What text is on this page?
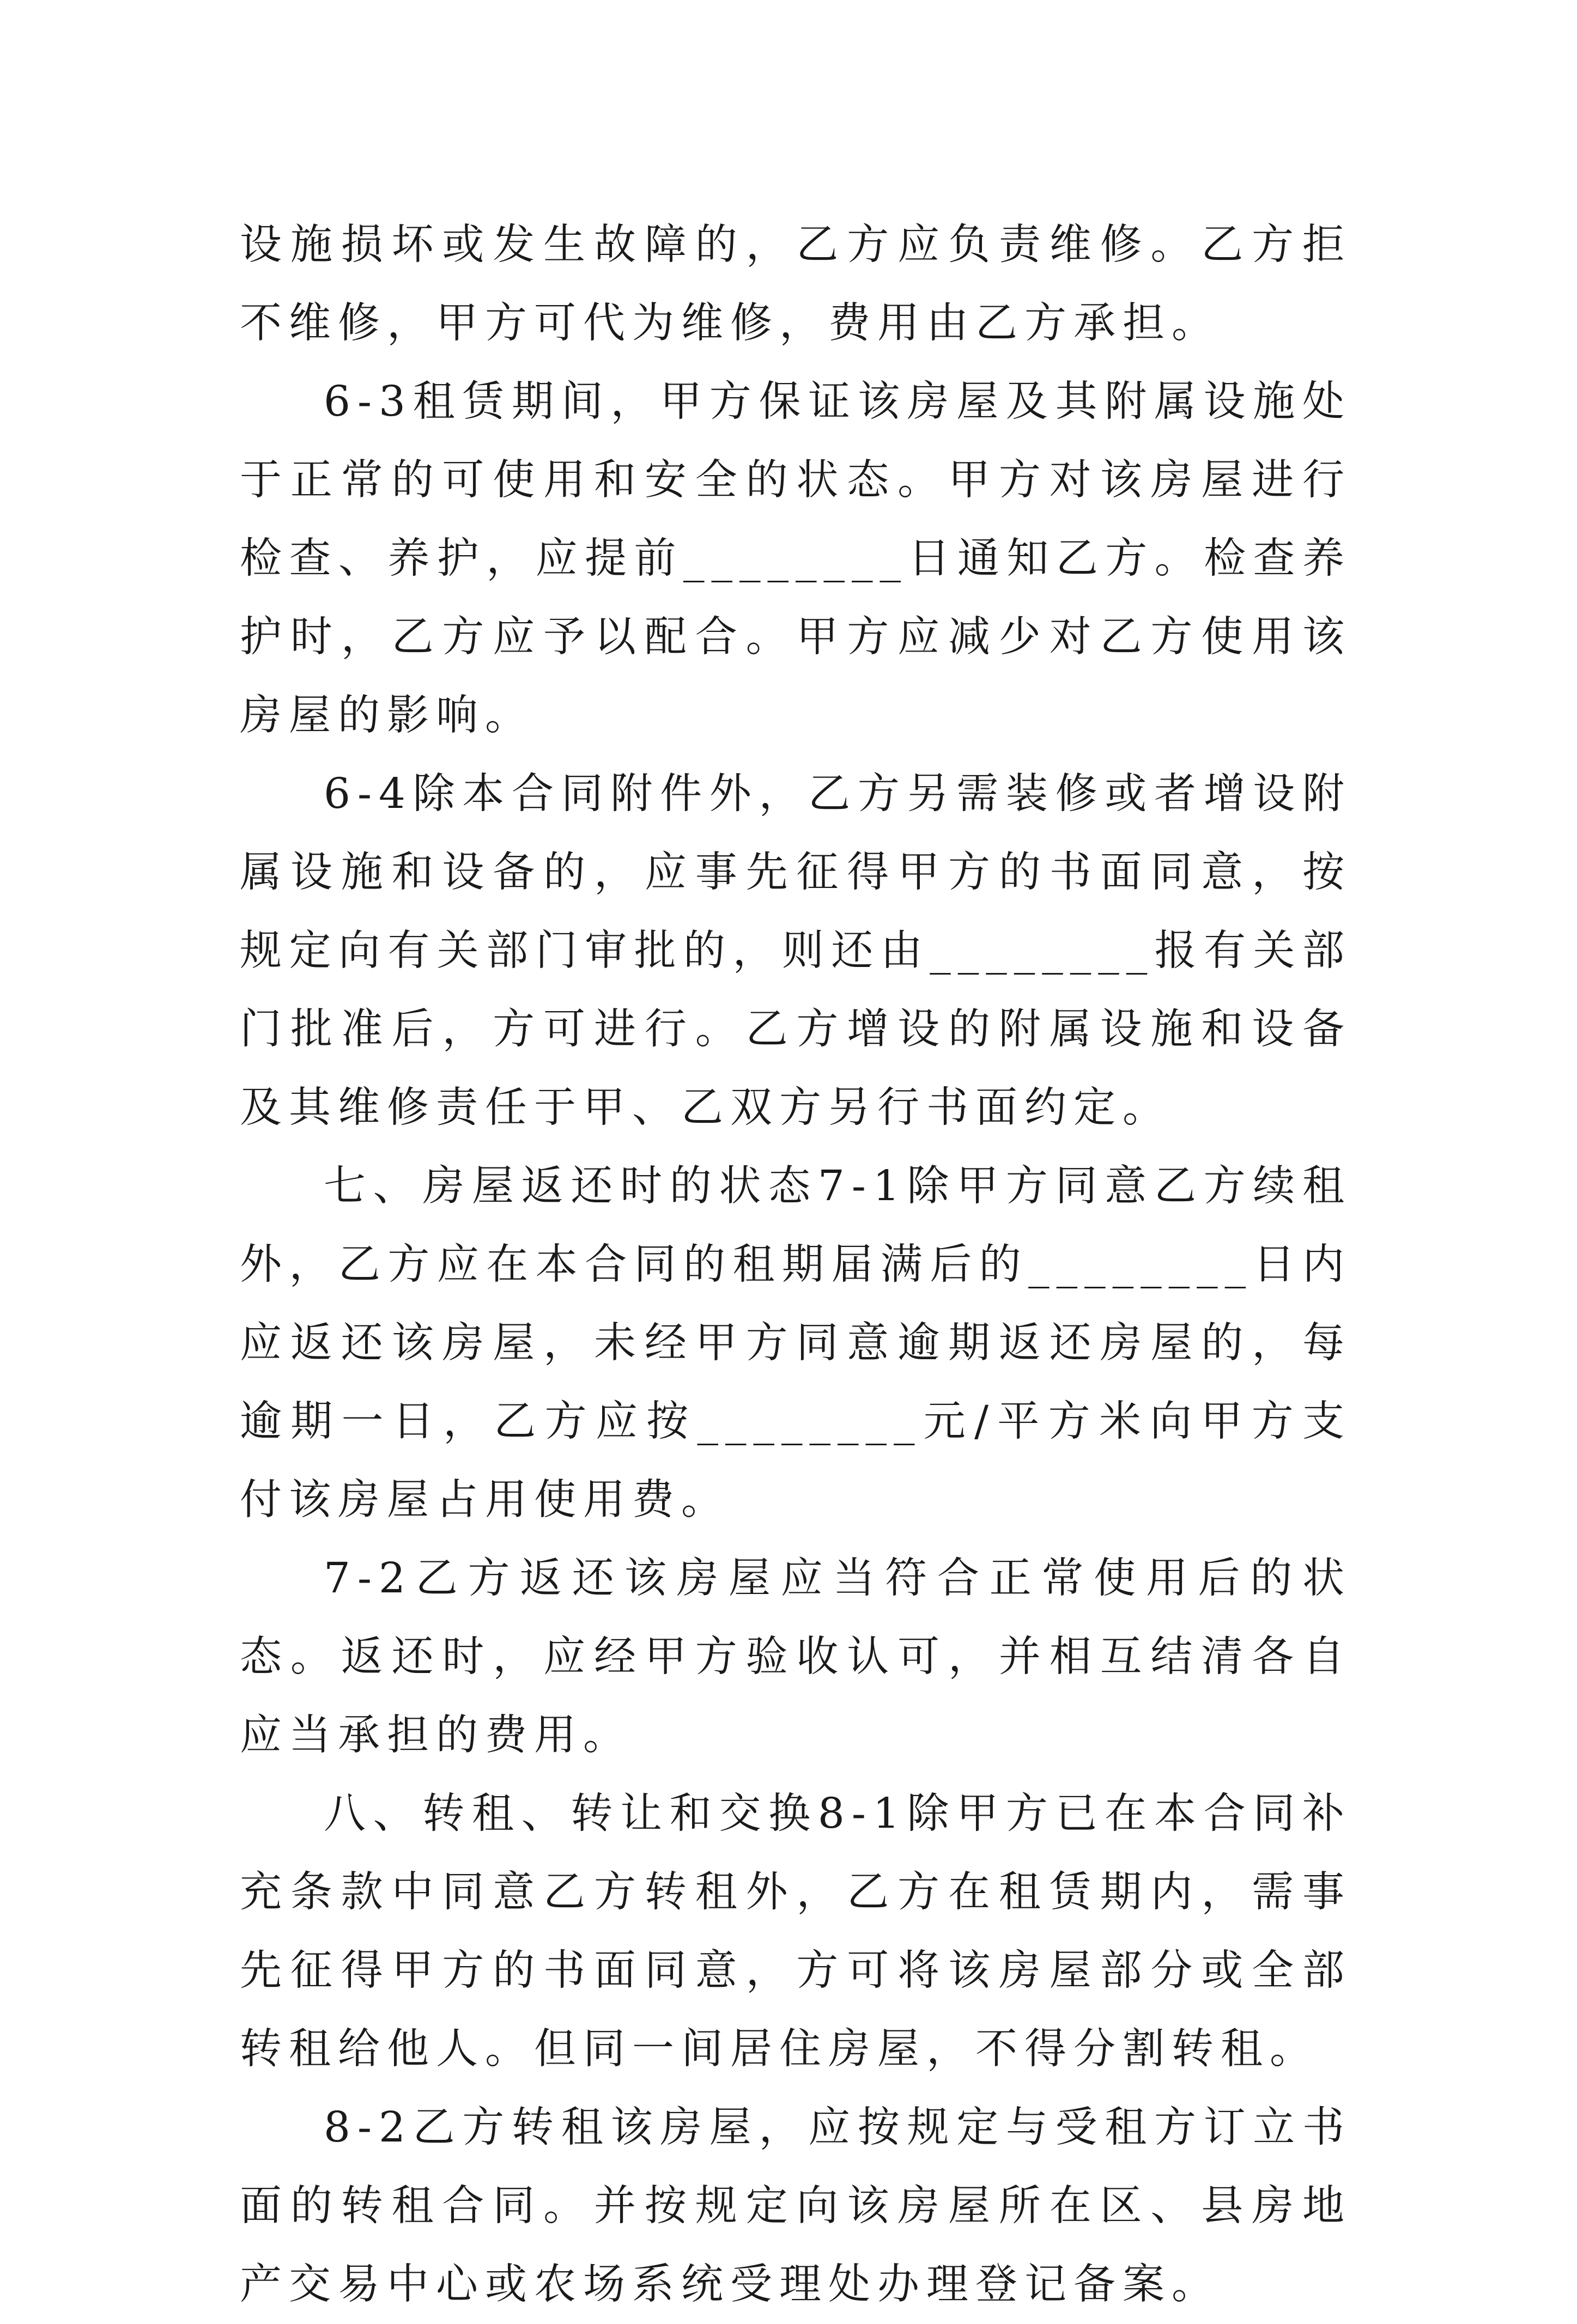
设施损坏或发生故障的，乙方应负责维修。乙方拒不维修，甲方可代为维修，费用由乙方承担。

6-3租赁期间，甲方保证该房屋及其附属设施处于正常的可使用和安全的状态。甲方对该房屋进行检查、养护，应提前________日通知乙方。检查养护时，乙方应予以配合。甲方应减少对乙方使用该房屋的影响。

6-4除本合同附件外，乙方另需装修或者增设附属设施和设备的，应事先征得甲方的书面同意，按规定向有关部门审批的，则还由________报有关部门批准后，方可进行。乙方增设的附属设施和设备及其维修责任于甲、乙双方另行书面约定。

七、房屋返还时的状态7-1除甲方同意乙方续租外，乙方应在本合同的租期届满后的________日内应返还该房屋，未经甲方同意逾期返还房屋的，每逾期一日，乙方应按________元/平方米向甲方支付该房屋占用使用费。

7-2乙方返还该房屋应当符合正常使用后的状态。返还时，应经甲方验收认可，并相互结清各自应当承担的费用。

八、转租、转让和交换8-1除甲方已在本合同补充条款中同意乙方转租外，乙方在租赁期内，需事先征得甲方的书面同意，方可将该房屋部分或全部转租给他人。但同一间居住房屋，不得分割转租。

8-2乙方转租该房屋，应按规定与受租方订立书面的转租合同。并按规定向该房屋所在区、县房地产交易中心或农场系统受理处办理登记备案。
